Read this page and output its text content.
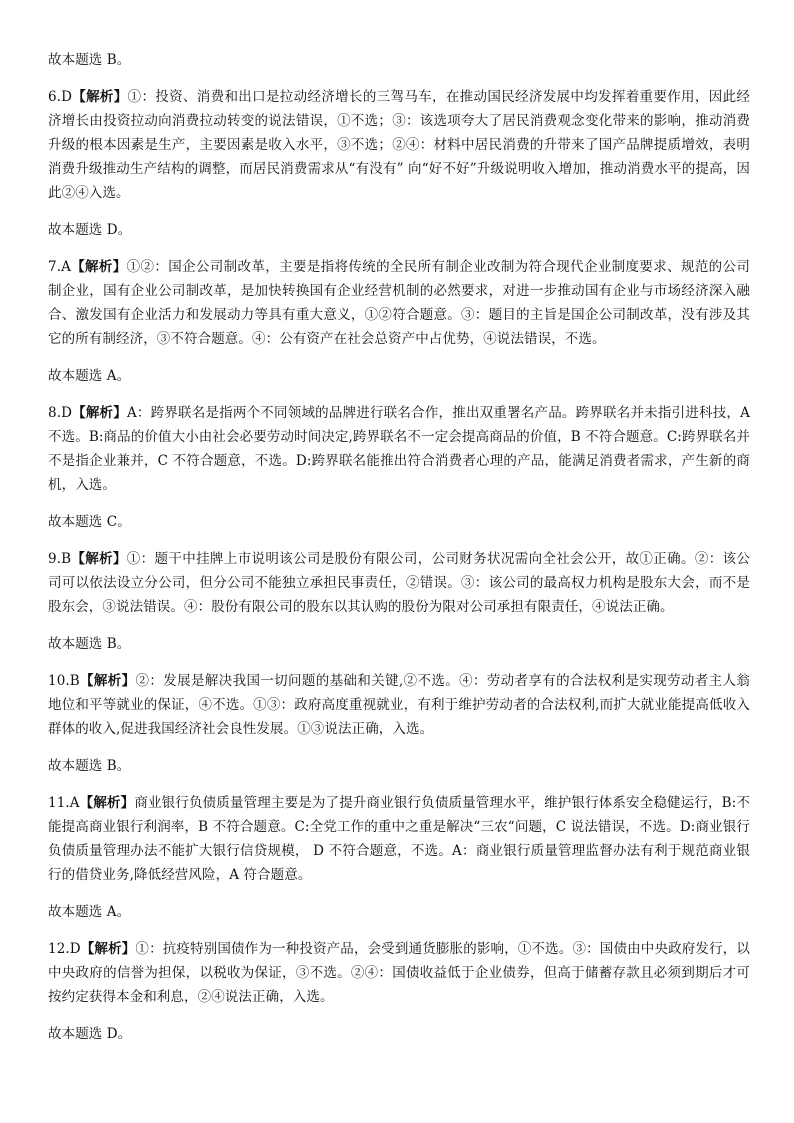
故本题选 B。

6.D【解析】①：投资、消费和出口是拉动经济增长的三驾马车，在推动国民经济发展中均发挥着重要作用，因此经济增长由投资拉动向消费拉动转变的说法错误，①不选；③：该选项夸大了居民消费观念变化带来的影响，推动消费升级的根本因素是生产，主要因素是收入水平，③不选；②④：材料中居民消费的升带来了国产品牌提质增效，表明消费升级推动生产结构的调整，而居民消费需求从“有没有” 向“好不好”升级说明收入增加，推动消费水平的提高，因此②④入选。

故本题选 D。

7.A【解析】①②：国企公司制改革，主要是指将传统的全民所有制企业改制为符合现代企业制度要求、规范的公司制企业，国有企业公司制改革，是加快转换国有企业经营机制的必然要求，对进一步推动国有企业与市场经济深入融合、激发国有企业活力和发展动力等具有重大意义，①②符合题意。③：题目的主旨是国企公司制改革，没有涉及其它的所有制经济，③不符合题意。④：公有资产在社会总资产中占优势，④说法错误，不选。

故本题选 A。

8.D【解析】A：跨界联名是指两个不同领域的品牌进行联名合作，推出双重署名产品。跨界联名并未指引进科技，A 不选。B:商品的价值大小由社会必要劳动时间决定,跨界联名不一定会提高商品的价值，B 不符合题意。C:跨界联名并不是指企业兼并，C 不符合题意，不选。D:跨界联名能推出符合消费者心理的产品，能满足消费者需求，产生新的商机，入选。

故本题选 C。

9.B【解析】①：题干中挂牌上市说明该公司是股份有限公司，公司财务状况需向全社会公开，故①正确。②：该公司可以依法设立分公司，但分公司不能独立承担民事责任，②错误。③：该公司的最高权力机构是股东大会，而不是股东会，③说法错误。④：股份有限公司的股东以其认购的股份为限对公司承担有限责任，④说法正确。

故本题选 B。

10.B【解析】②：发展是解决我国一切问题的基础和关键,②不选。④：劳动者享有的合法权利是实现劳动者主人翁地位和平等就业的保证，④不选。①③：政府高度重视就业，有利于维护劳动者的合法权利,而扩大就业能提高低收入群体的收入,促进我国经济社会良性发展。①③说法正确，入选。

故本题选 B。

11.A【解析】商业银行负债质量管理主要是为了提升商业银行负债质量管理水平，维护银行体系安全稳健运行，B:不能提高商业银行利润率，B 不符合题意。C:全党工作的重中之重是解决“三农“问题，C 说法错误，不选。D:商业银行负债质量管理办法不能扩大银行信贷规模， D 不符合题意，不选。A：商业银行质量管理监督办法有利于规范商业银行的借贷业务,降低经营风险，A 符合题意。

故本题选 A。

12.D【解析】①：抗疫特别国债作为一种投资产品，会受到通货膨胀的影响，①不选。③：国债由中央政府发行，以中央政府的信誉为担保，以税收为保证，③不选。②④：国债收益低于企业债券，但高于储蓄存款且必须到期后才可按约定获得本金和利息，②④说法正确，入选。

故本题选 D。
